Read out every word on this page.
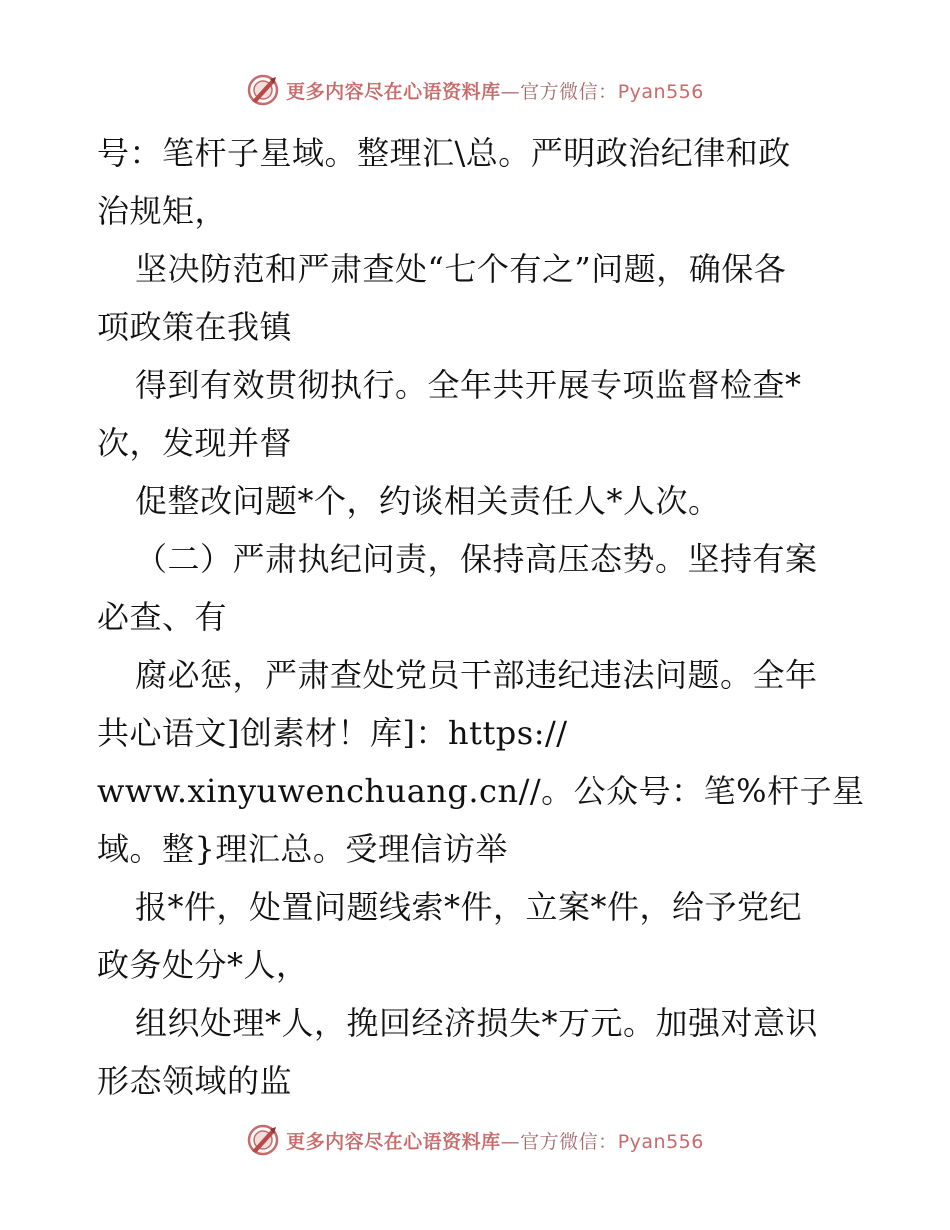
更多内容尽在心语资料库—官方微信：Pyan556
号：笔杆子星域。整理汇\总。严明政治纪律和政
治规矩，
坚决防范和严肃查处“七个有之”问题，确保各
项政策在我镇
得到有效贯彻执行。全年共开展专项监督检查*
次，发现并督
促整改问题*个，约谈相关责任人*人次。
（二）严肃执纪问责，保持高压态势。坚持有案
必查、有
腐必惩，严肃查处党员干部违纪违法问题。全年
共心语文]创素材！库]：https://
www.xinyuwenchuang.cn//。公众号：笔%杆子星
域。整}理汇总。受理信访举
报*件，处置问题线索*件，立案*件，给予党纪
政务处分*人，
组织处理*人，挽回经济损失*万元。加强对意识
形态领域的监
更多内容尽在心语资料库—官方微信：Pyan556
